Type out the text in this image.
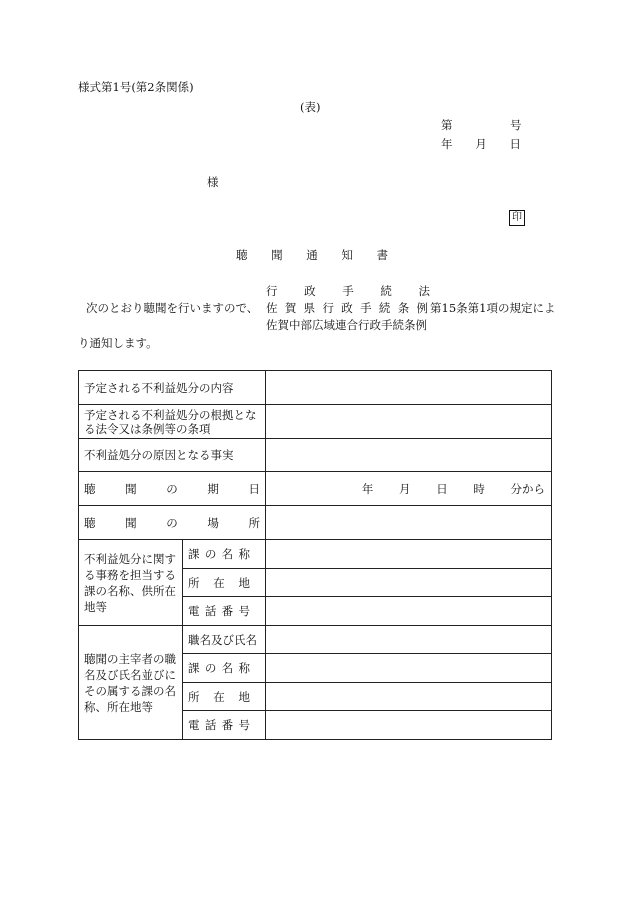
様式第1号(第2条関係)
(表)
第	号
年 月 日
様
印
聴 聞 通 知 書
行 政 手 続 法
次のとおり聴聞を行いますので、 佐 賀 県 行 政 手 続 条 例 第15条第1項の規定によ
佐賀中部広域連合行政手続条例
り通知します。
予定される不利益処分の内容		
予定される不利益処分の根拠となる法令又は条例等の条項		
不利益処分の原因となる事実		

聴 聞 の 期 日		年 月 日 時 分から

聴 聞 の 場 所		

不利益処分に関する事務を担当する課の名称、供所在地等	課 の 名 称	

	所 在 地	

	電 話 番 号	

聴聞の主宰者の職名及び氏名並びにその属する課の名称、所在地等	職名及び氏名	

	課 の 名 称	

	所 在 地	

	電 話 番 号	
